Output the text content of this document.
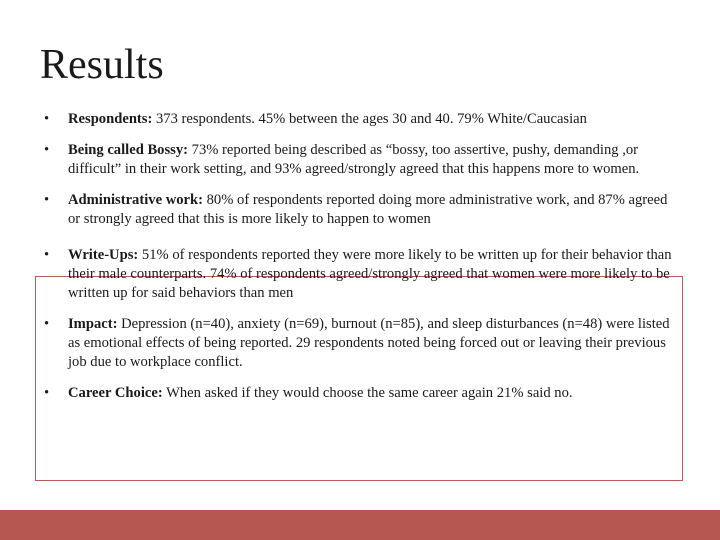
Results
• Respondents: 373 respondents. 45% between the ages 30 and 40. 79% White/Caucasian
• Being called Bossy: 73% reported being described as “bossy, too assertive, pushy, demanding ,or difficult” in their work setting, and 93% agreed/strongly agreed that this happens more to women.
• Administrative work: 80% of respondents reported doing more administrative work, and 87% agreed or strongly agreed that this is more likely to happen to women
• Write-Ups: 51% of respondents reported they were more likely to be written up for their behavior than their male counterparts. 74% of respondents agreed/strongly agreed that women were more likely to be written up for said behaviors than men
• Impact: Depression (n=40), anxiety (n=69), burnout (n=85), and sleep disturbances (n=48) were listed as emotional effects of being reported. 29 respondents noted being forced out or leaving their previous job due to workplace conflict.
• Career Choice: When asked if they would choose the same career again 21% said no.
